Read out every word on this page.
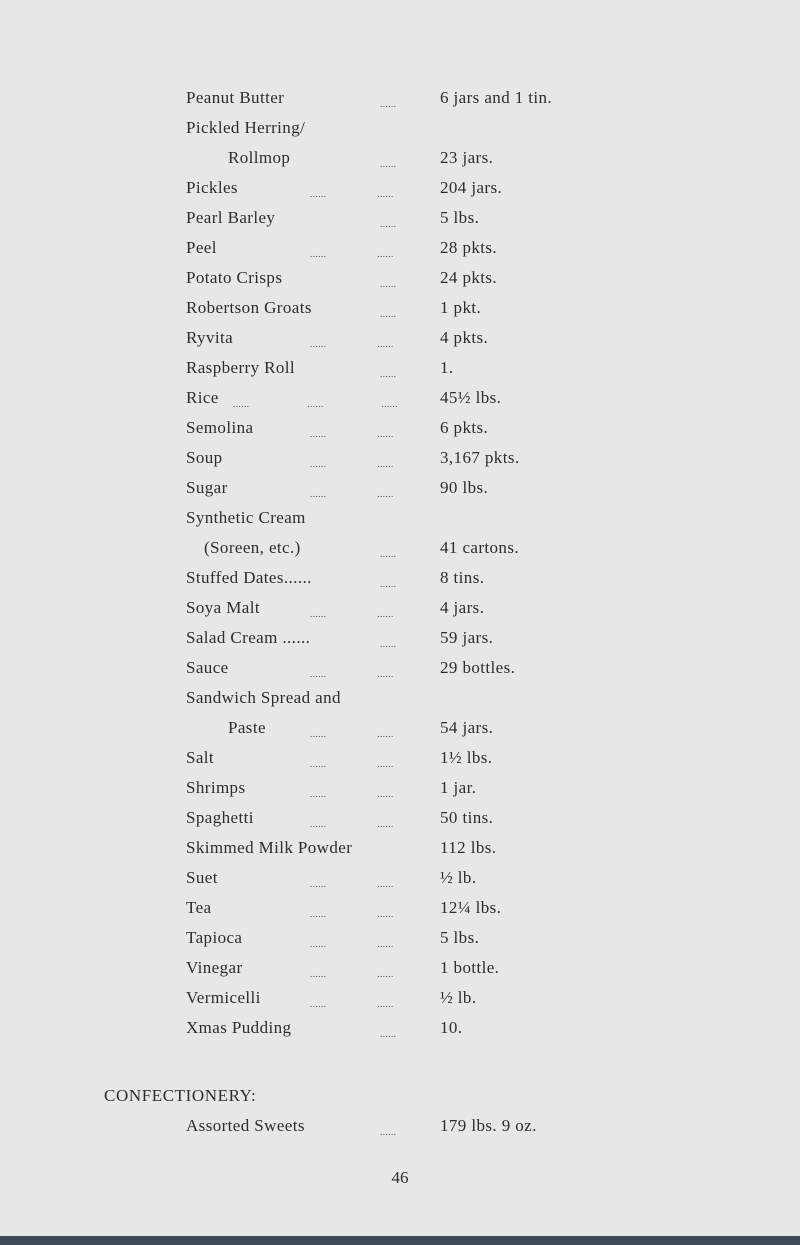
Peanut Butter	......	6 jars and 1 tin.
Pickled Herring/
Rollmop	......	23 jars.
Pickles	...... ......	204 jars.
Pearl Barley	......	5 lbs.
Peel	...... ......	28 pkts.
Potato Crisps	......	24 pkts.
Robertson Groats	......	1 pkt.
Ryvita	...... ......	4 pkts.
Raspberry Roll	......	1.
Rice ...... ...... ...... 45½ lbs.
Semolina	...... ......	6 pkts.
Soup	...... ......	3,167 pkts.
Sugar	...... ......	90 lbs.
Synthetic Cream
(Soreen, etc.)	......	41 cartons.
Stuffed Dates......	......	8 tins.
Soya Malt	...... ......	4 jars.
Salad Cream ......	......	59 jars.
Sauce	...... ......	29 bottles.
Sandwich Spread and
Paste	...... ......	54 jars.
Salt	...... ......	1½ lbs.
Shrimps	...... ......	1 jar.
Spaghetti	...... ......	50 tins.
Skimmed Milk Powder	112 lbs.
Suet	...... ......	½ lb.
Tea	...... ......	12¼ lbs.
Tapioca	...... ......	5 lbs.
Vinegar	...... ......	1 bottle.
Vermicelli	...... ......	½ lb.
Xmas Pudding	......	10.
CONFECTIONERY:
Assorted Sweets	......	179 lbs. 9 oz.
46
